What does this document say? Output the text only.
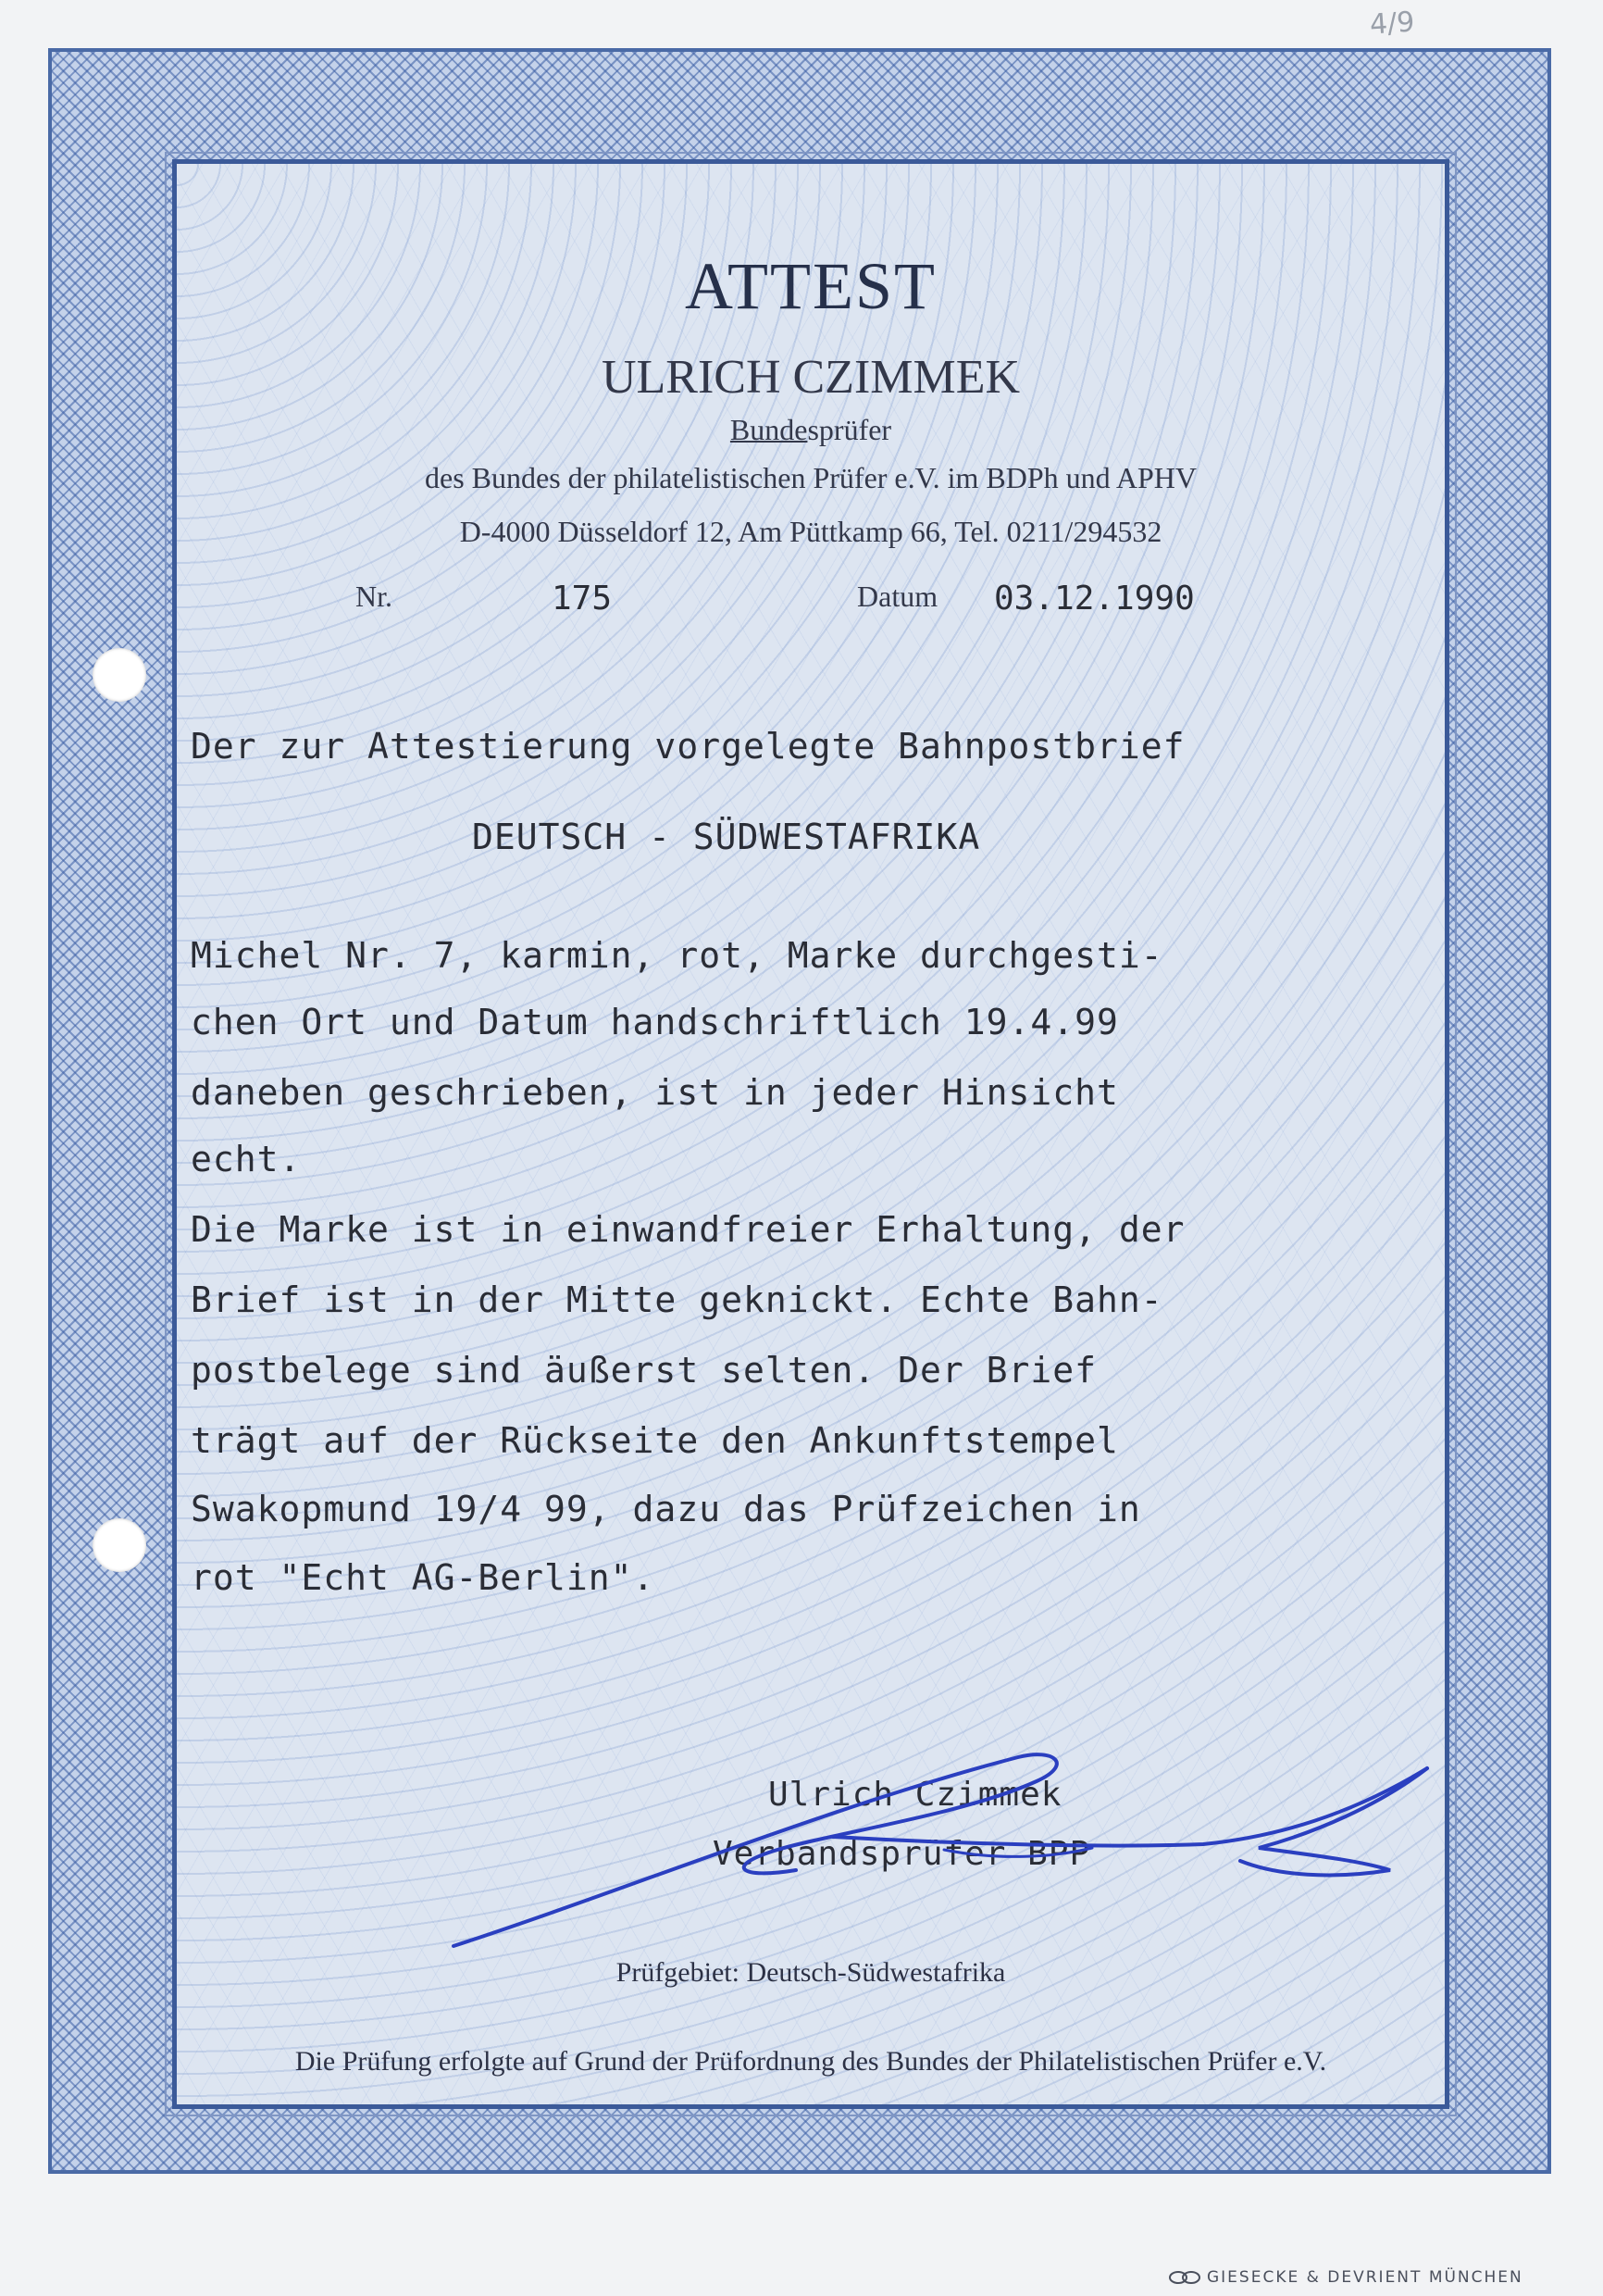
4/9
ATTEST
ULRICH CZIMMEK
Bundesprüfer
des Bundes der philatelistischen Prüfer e.V. im BDPh und APHV
D-4000 Düsseldorf 12, Am Püttkamp 66, Tel. 0211/294532
Nr.	175	Datum 03.12.1990
Der zur Attestierung vorgelegte Bahnpostbrief
DEUTSCH - SÜDWESTAFRIKA
Michel Nr. 7, karmin, rot, Marke durchgesti-
chen Ort und Datum handschriftlich 19.4.99
daneben geschrieben, ist in jeder Hinsicht
echt.
Die Marke ist in einwandfreier Erhaltung, der
Brief ist in der Mitte geknickt. Echte Bahn-
postbelege sind äußerst selten. Der Brief
trägt auf der Rückseite den Ankunftstempel
Swakopmund 19/4 99, dazu das Prüfzeichen in
rot "Echt AG-Berlin".
Ulrich Czimmek
Verbandsprüfer BPP
Prüfgebiet: Deutsch-Südwestafrika
Die Prüfung erfolgte auf Grund der Prüfordnung des Bundes der Philatelistischen Prüfer e.V.
GIESECKE & DEVRIENT MÜNCHEN
